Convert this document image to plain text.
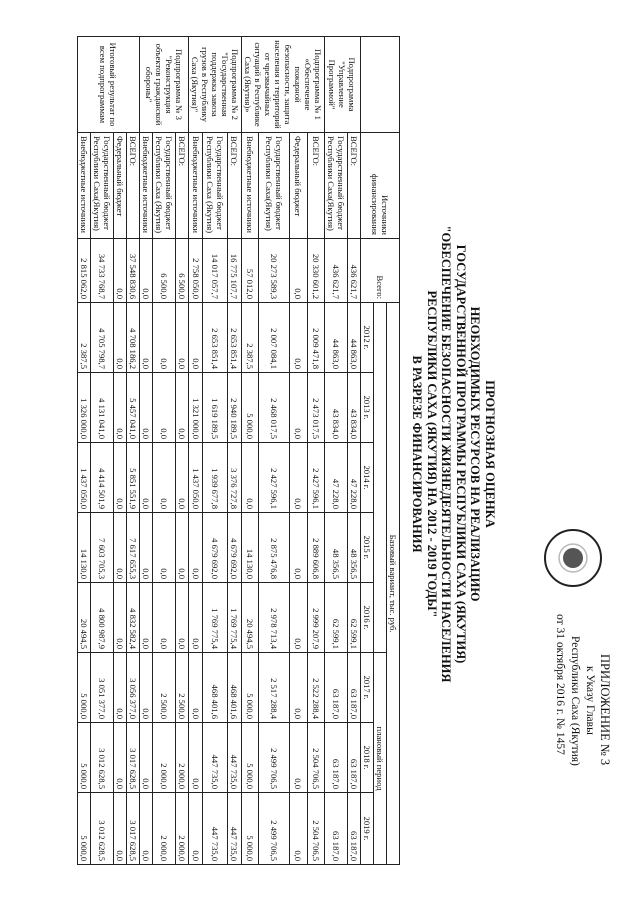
ПРИЛОЖЕНИЕ № 3
к Указу Главы
Республики Саха (Якутия)
от 31 октября 2016 г. № 1457
ПРОГНОЗНАЯ ОЦЕНКА
НЕОБХОДИМЫХ РЕСУРСОВ НА РЕАЛИЗАЦИЮ
ГОСУДАРСТВЕННОЙ ПРОГРАММЫ РЕСПУБЛИКИ САХА (ЯКУТИЯ)
"ОБЕСПЕЧЕНИЕ БЕЗОПАСНОСТИ ЖИЗНЕДЕЯТЕЛЬНОСТИ НАСЕЛЕНИЯ
РЕСПУБЛИКИ САХА (ЯКУТИЯ) НА 2012 - 2019 ГОДЫ"
В РАЗРЕЗЕ ФИНАНСИРОВАНИЯ
	Источники финансирования	Всего:	Базовый вариант, тыс. руб.							
								плановый период		
			2012 г.	2013 г.	2014 г.	2015 г.	2016 г.	2017 г.	2018 г.	2019 г.
Подпрограмма "Управление Программой"	ВСЕГО:	436 621,7	44 863,0	43 834,0	47 228,0	48 356,5	62 599,1	63 187,0	63 187,0	63 187,0
	Государственный бюджет Республики Саха(Якутия)	436 621,7	44 863,0	43 834,0	47 228,0	48 356,5	62 599,1	63 187,0	63 187,0	63 187,0
Подпрограмма № 1 «Обеспечение пожарной безопасности, защита населения и территорий от чрезвычайных ситуаций в Республике Саха (Якутия)»	ВСЕГО:	20 330 601,2	2 009 471,8	2 473 017,5	2 427 596,1	2 889 606,8	2 999 207,9	2 522 288,4	2 504 706,5	2 504 706,5
	Федеральный бюджет	0,0	0,0	0,0	0,0	0,0	0,0	0,0	0,0	0,0
	Государственный бюджет Республики Саха(Якутия)	20 273 589,3	2 007 084,1	2 468 017,5	2 427 596,1	2 875 476,8	2 978 713,4	2 517 288,4	2 499 706,5	2 499 706,5
	Внебюджетные источники	57 012,0	2 387,5	5 000,0	0,0	14 130,0	20 494,5	5 000,0	5 000,0	5 000,0
Подпрограмма № 2 "Государственная поддержка завоза грузов в Республику Саха (Якутия)"	ВСЕГО:	16 775 107,7	2 653 851,4	2 940 189,5	3 376 727,8	4 679 692,0	1 769 775,4	468 401,6	447 735,0	447 735,0
	Государственный бюджет Республики Саха (Якутия)	14 017 057,7	2 653 851,4	1 619 189,5	1 939 677,8	4 679 692,0	1 769 775,4	468 401,6	447 735,0	447 735,0
	Внебюджетные источники	2 758 050,0	0,0	1 321 000,0	1 437 050,0	0,0	0,0	0,0	0,0	0,0
Подпрограмма № 3 "Реконструкция объектов гражданской обороны"	ВСЕГО:	6 500,0	0,0	0,0	0,0	0,0	0,0	2 500,0	2 000,0	2 000,0
	Государственный бюджет Республики Саха (Якутия)	6 500,0	0,0	0,0	0,0	0,0	0,0	2 500,0	2 000,0	2 000,0
	Внебюджетные источники	0,0	0,0	0,0	0,0	0,0	0,0	0,0	0,0	0,0
Итоговый результат по всем подпрограммам	ВСЕГО:	37 548 830,6	4 708 186,2	5 457 041,0	5 851 551,9	7 617 655,3	4 832 582,4	3 056 377,0	3 017 628,5	3 017 628,5
	Федеральный бюджет	0,0	0,0	0,0	0,0	0,0	0,0	0,0	0,0	0,0
	Государственный бюджет Республики Саха(Якутия)	34 733 768,7	4 705 798,7	4 131 041,0	4 414 501,9	7 603 705,3	4 800 987,9	3 051 377,0	3 012 628,5	3 012 628,5
	Внебюджетные источники	2 815 062,0	2 387,5	1 326 000,0	1 437 050,0	14 130,0	20 494,5	5 000,0	5 000,0	5 000,0
